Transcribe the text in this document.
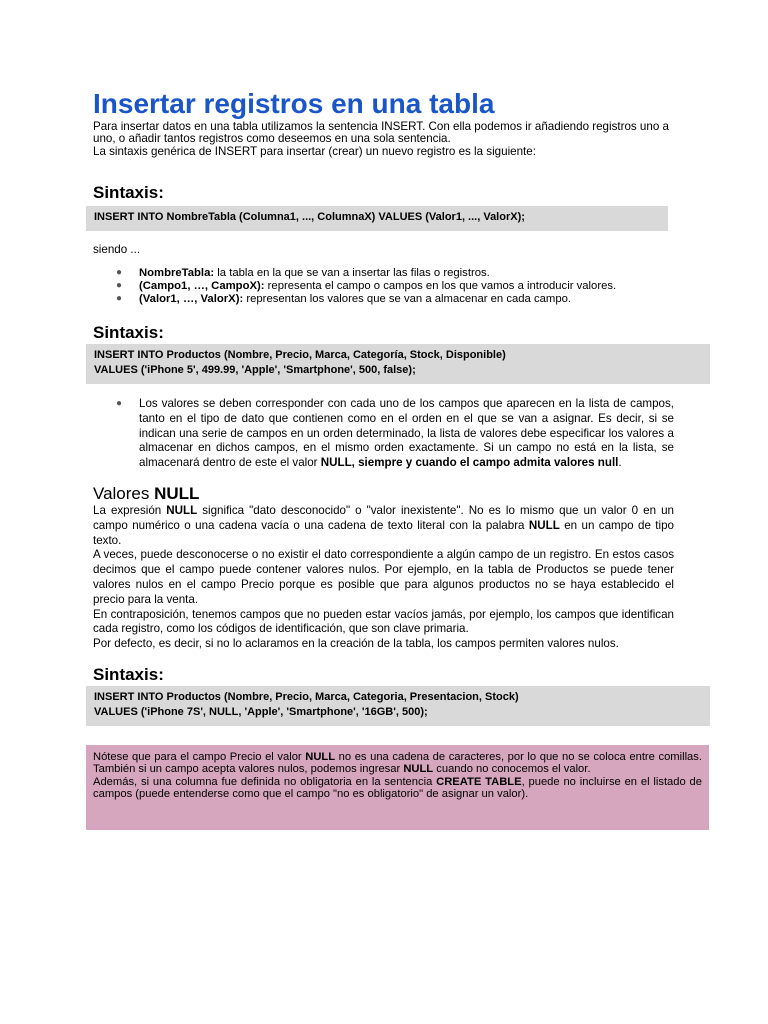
Insertar registros en una tabla

Para insertar datos en una tabla utilizamos la sentencia INSERT. Con ella podemos ir añadiendo registros uno a uno, o añadir tantos registros como deseemos en una sola sentencia.

La sintaxis genérica de INSERT para insertar (crear) un nuevo registro es la siguiente:

Sintaxis:
INSERT INTO NombreTabla (Columna1, ..., ColumnaX) VALUES (Valor1, ..., ValorX);

siendo ...

● NombreTabla: la tabla en la que se van a insertar las filas o registros.
● (Campo1, …, CampoX): representa el campo o campos en los que vamos a introducir valores.
● (Valor1, …, ValorX): representan los valores que se van a almacenar en cada campo.
Sintaxis:
INSERT INTO Productos (Nombre, Precio, Marca, Categoría, Stock, Disponible)
VALUES ('iPhone 5', 499.99, 'Apple', 'Smartphone', 500, false);
● Los valores se deben corresponder con cada uno de los campos que aparecen en la lista de campos, tanto en el tipo de dato que contienen como en el orden en el que se van a asignar. Es decir, si se indican una serie de campos en un orden determinado, la lista de valores debe especificar los valores a almacenar en dichos campos, en el mismo orden exactamente. Si un campo no está en la lista, se almacenará dentro de este el valor NULL, siempre y cuando el campo admita valores null.
Valores NULL

La expresión NULL significa "dato desconocido" o "valor inexistente". No es lo mismo que un valor 0 en un campo numérico o una cadena vacía o una cadena de texto literal con la palabra NULL en un campo de tipo texto.

A veces, puede desconocerse o no existir el dato correspondiente a algún campo de un registro. En estos casos decimos que el campo puede contener valores nulos. Por ejemplo, en la tabla de Productos se puede tener valores nulos en el campo Precio porque es posible que para algunos productos no se haya establecido el precio para la venta.

En contraposición, tenemos campos que no pueden estar vacíos jamás, por ejemplo, los campos que identifican cada registro, como los códigos de identificación, que son clave primaria.

Por defecto, es decir, si no lo aclaramos en la creación de la tabla, los campos permiten valores nulos.

Sintaxis:
INSERT INTO Productos (Nombre, Precio, Marca, Categoria, Presentacion, Stock)
VALUES ('iPhone 7S', NULL, 'Apple', 'Smartphone', '16GB', 500);

Nótese que para el campo Precio el valor NULL no es una cadena de caracteres, por lo que no se coloca entre comillas. También si un campo acepta valores nulos, podemos ingresar NULL cuando no conocemos el valor.

Además, si una columna fue definida no obligatoria en la sentencia CREATE TABLE, puede no incluirse en el listado de campos (puede entenderse como que el campo "no es obligatorio" de asignar un valor).
